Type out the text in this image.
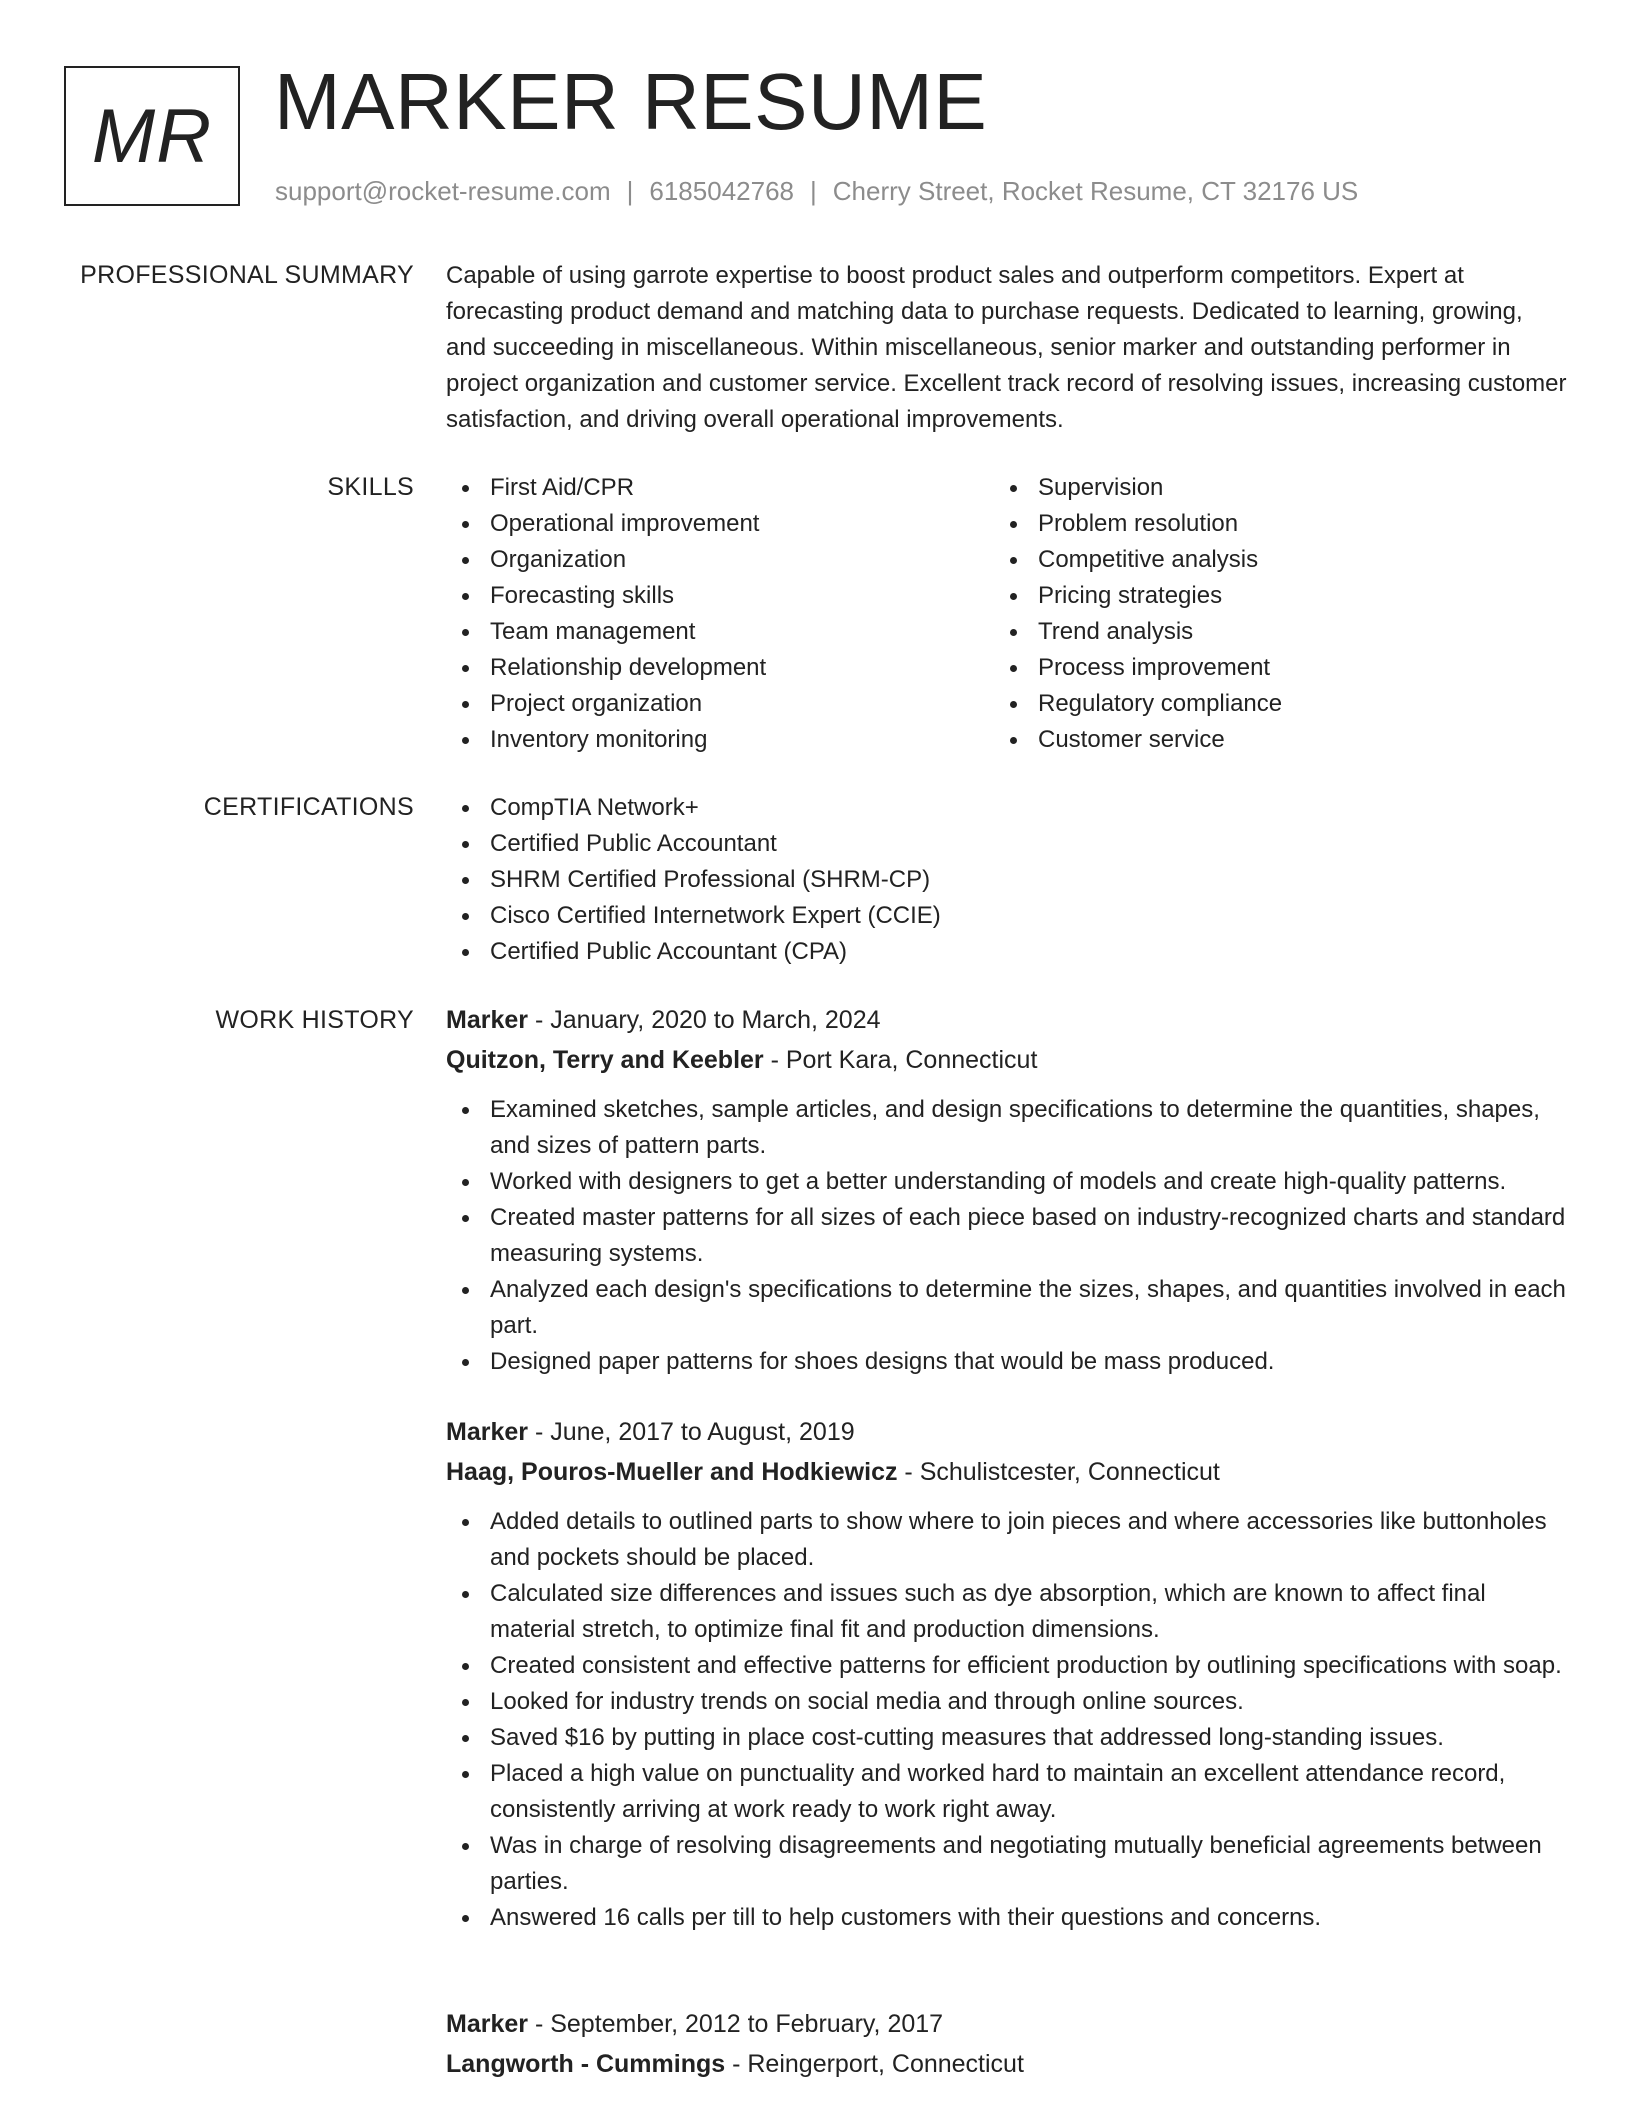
MR MARKER RESUME
support@rocket-resume.com | 6185042768 | Cherry Street, Rocket Resume, CT 32176 US
PROFESSIONAL SUMMARY Capable of using garrote expertise to boost product sales and outperform competitors. Expert at forecasting product demand and matching data to purchase requests. Dedicated to learning, growing, and succeeding in miscellaneous. Within miscellaneous, senior marker and outstanding performer in project organization and customer service. Excellent track record of resolving issues, increasing customer satisfaction, and driving overall operational improvements.

SKILLS	First Aid/CPR
Operational improvement
Organization
Forecasting skills
Team management
Relationship development
Project organization
Inventory monitoring
Supervision
Problem resolution
Competitive analysis
Pricing strategies
Trend analysis
Process improvement
Regulatory compliance
Customer service
CERTIFICATIONS	CompTIA Network+
Certified Public Accountant
SHRM Certified Professional (SHRM-CP)
Cisco Certified Internetwork Expert (CCIE)
Certified Public Accountant (CPA)
WORK HISTORY Marker - January, 2020 to March, 2024
Quitzon, Terry and Keebler - Port Kara, Connecticut
Examined sketches, sample articles, and design specifications to determine the quantities, shapes, and sizes of pattern parts.
Worked with designers to get a better understanding of models and create high-quality patterns.
Created master patterns for all sizes of each piece based on industry-recognized charts and standard measuring systems.
Analyzed each design's specifications to determine the sizes, shapes, and quantities involved in each part.
Designed paper patterns for shoes designs that would be mass produced.
Marker - June, 2017 to August, 2019
Haag, Pouros-Mueller and Hodkiewicz - Schulistcester, Connecticut
Added details to outlined parts to show where to join pieces and where accessories like buttonholes and pockets should be placed.
Calculated size differences and issues such as dye absorption, which are known to affect final material stretch, to optimize final fit and production dimensions.
Created consistent and effective patterns for efficient production by outlining specifications with soap.
Looked for industry trends on social media and through online sources.
Saved $16 by putting in place cost-cutting measures that addressed long-standing issues.
Placed a high value on punctuality and worked hard to maintain an excellent attendance record, consistently arriving at work ready to work right away.
Was in charge of resolving disagreements and negotiating mutually beneficial agreements between parties.
Answered 16 calls per till to help customers with their questions and concerns.
Marker - September, 2012 to February, 2017
Langworth - Cummings - Reingerport, Connecticut
